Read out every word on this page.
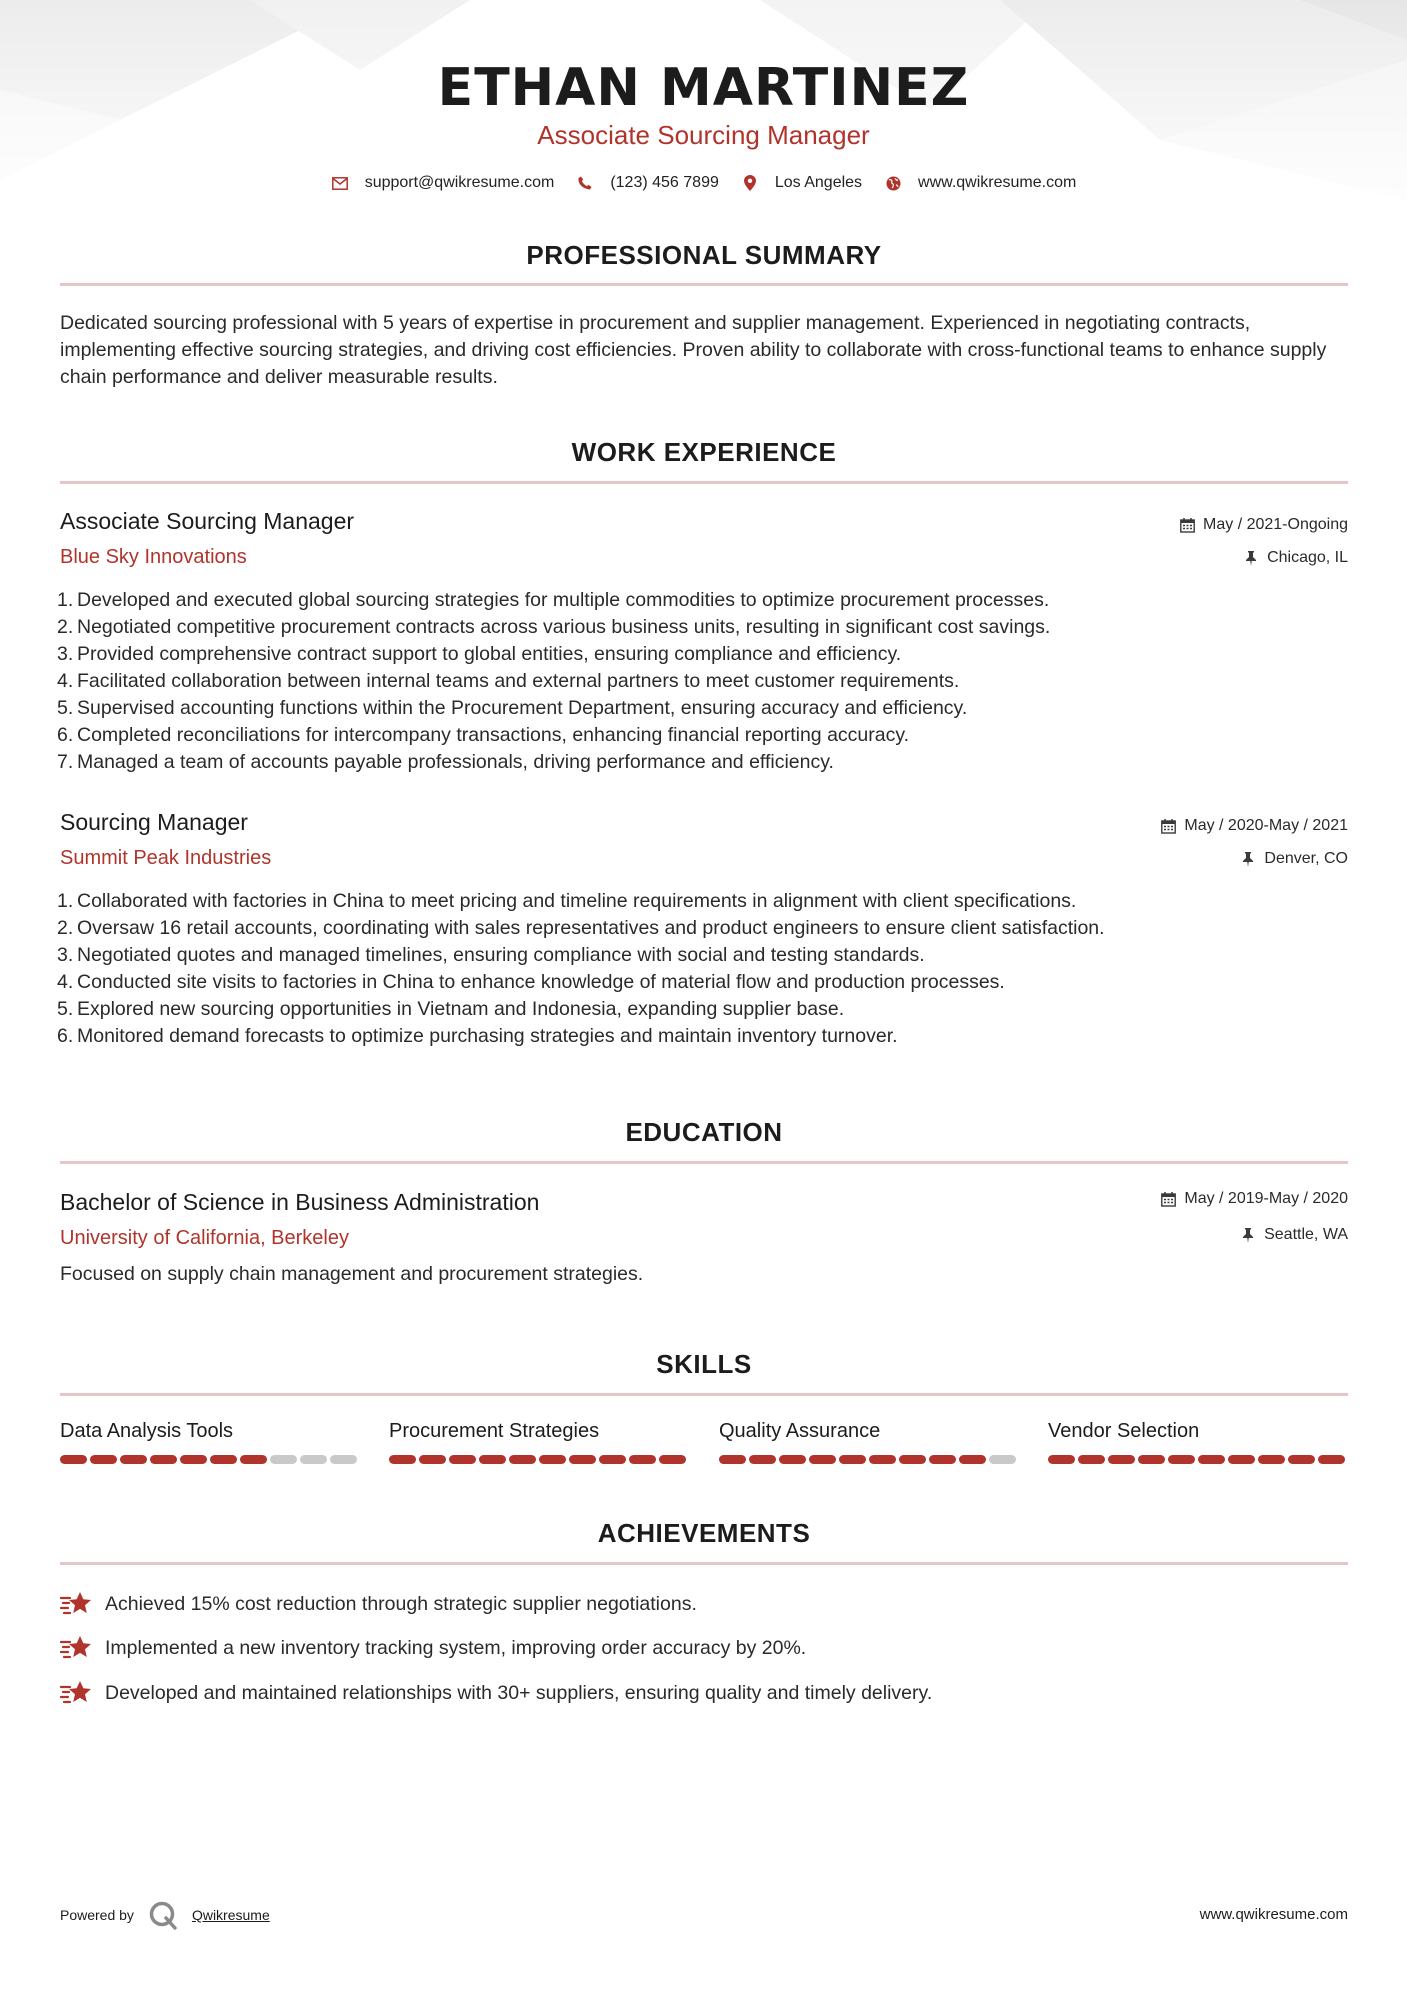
ETHAN MARTINEZ
Associate Sourcing Manager
support@qwikresume.com	(123) 456 7899	Los Angeles	www.qwikresume.com
PROFESSIONAL SUMMARY
Dedicated sourcing professional with 5 years of expertise in procurement and supplier management. Experienced in negotiating contracts, implementing effective sourcing strategies, and driving cost efficiencies. Proven ability to collaborate with cross-functional teams to enhance supply chain performance and deliver measurable results.
WORK EXPERIENCE
Associate Sourcing Manager
Blue Sky Innovations
May / 2021-Ongoing
Chicago, IL
1. Developed and executed global sourcing strategies for multiple commodities to optimize procurement processes.
2. Negotiated competitive procurement contracts across various business units, resulting in significant cost savings.
3. Provided comprehensive contract support to global entities, ensuring compliance and efficiency.
4. Facilitated collaboration between internal teams and external partners to meet customer requirements.
5. Supervised accounting functions within the Procurement Department, ensuring accuracy and efficiency.
6. Completed reconciliations for intercompany transactions, enhancing financial reporting accuracy.
7. Managed a team of accounts payable professionals, driving performance and efficiency.
Sourcing Manager
Summit Peak Industries
May / 2020-May / 2021
Denver, CO
1. Collaborated with factories in China to meet pricing and timeline requirements in alignment with client specifications.
2. Oversaw 16 retail accounts, coordinating with sales representatives and product engineers to ensure client satisfaction.
3. Negotiated quotes and managed timelines, ensuring compliance with social and testing standards.
4. Conducted site visits to factories in China to enhance knowledge of material flow and production processes.
5. Explored new sourcing opportunities in Vietnam and Indonesia, expanding supplier base.
6. Monitored demand forecasts to optimize purchasing strategies and maintain inventory turnover.
EDUCATION
Bachelor of Science in Business Administration
University of California, Berkeley
May / 2019-May / 2020
Seattle, WA
Focused on supply chain management and procurement strategies.
SKILLS
Data Analysis Tools	Procurement Strategies	Quality Assurance	Vendor Selection
ACHIEVEMENTS
Achieved 15% cost reduction through strategic supplier negotiations.
Implemented a new inventory tracking system, improving order accuracy by 20%.
Developed and maintained relationships with 30+ suppliers, ensuring quality and timely delivery.
Powered by	Qwikresume	www.qwikresume.com
